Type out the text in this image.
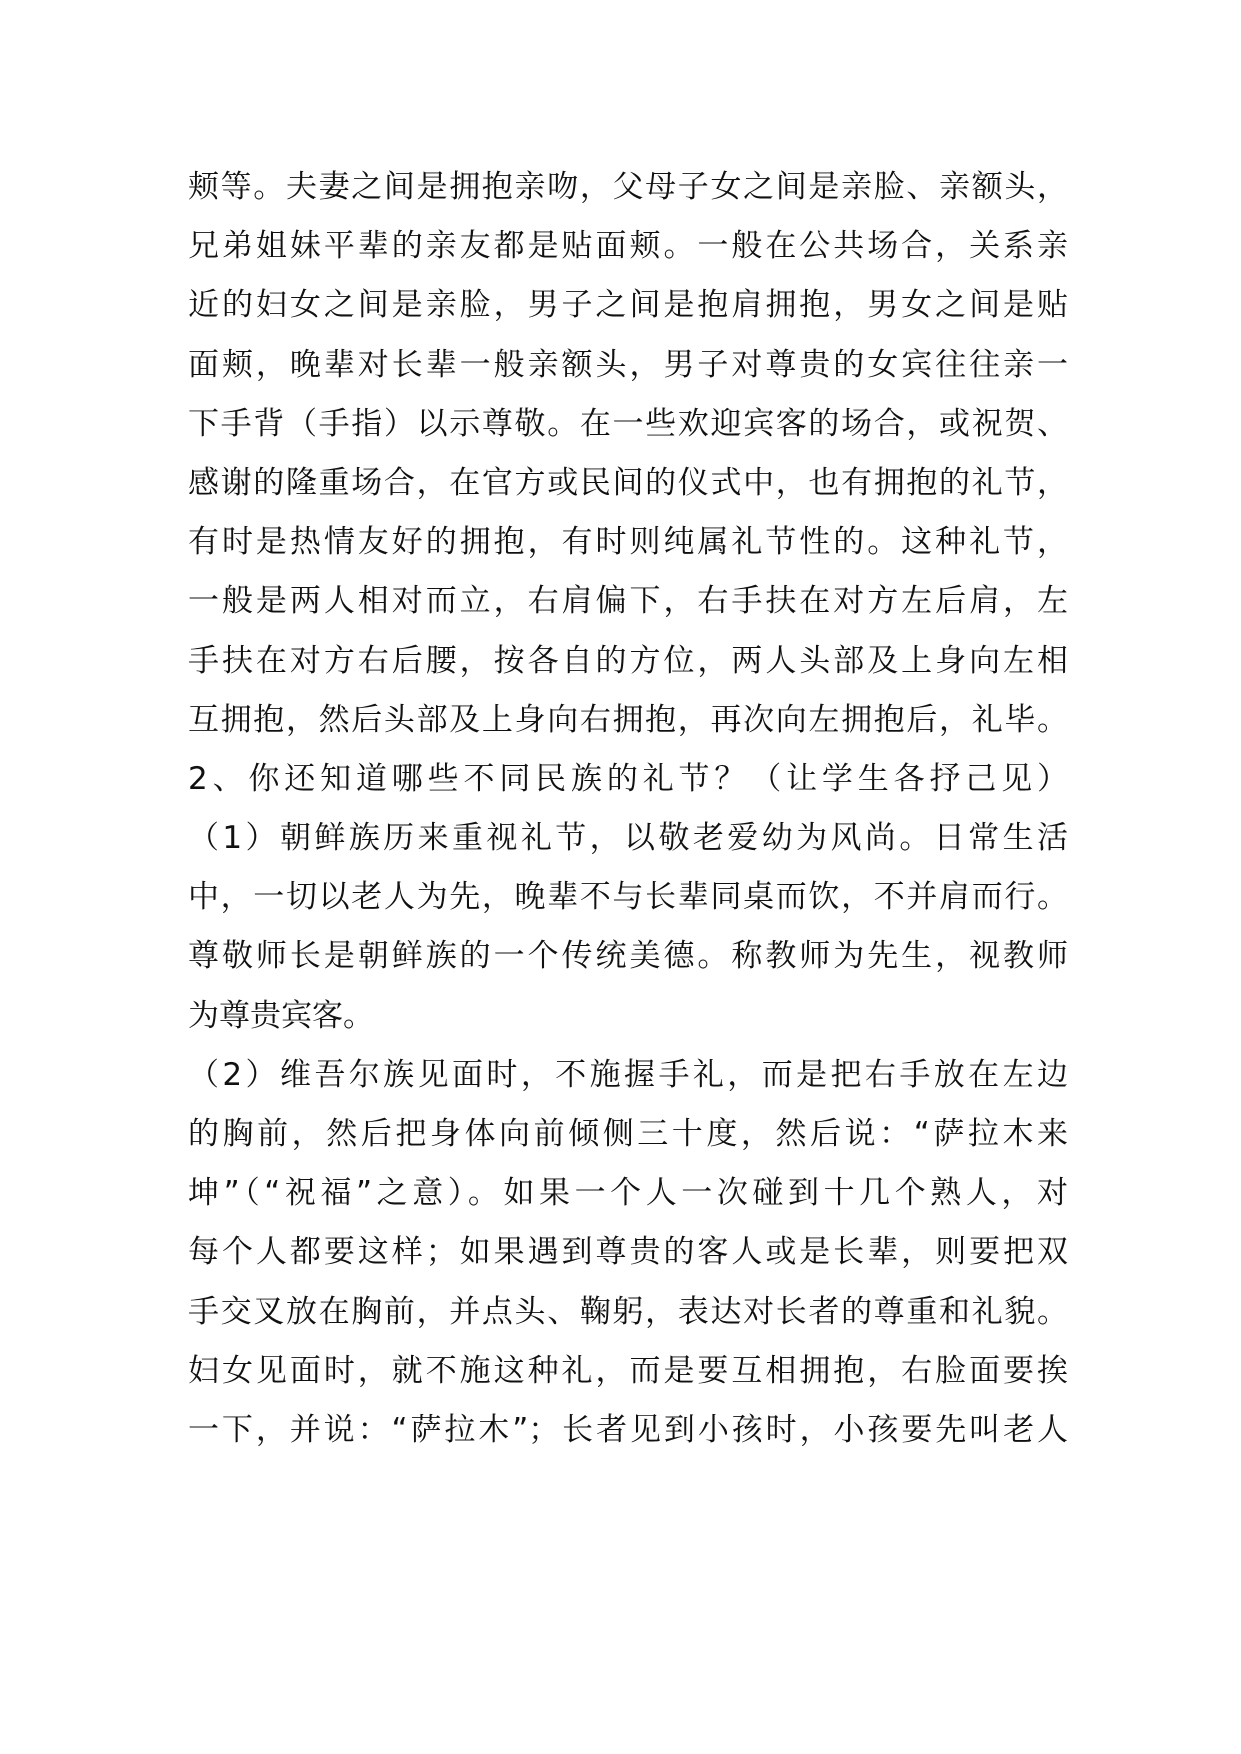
颊等。夫妻之间是拥抱亲吻，父母子女之间是亲脸、亲额头，
兄弟姐妹平辈的亲友都是贴面颊。一般在公共场合，关系亲
近的妇女之间是亲脸，男子之间是抱肩拥抱，男女之间是贴
面颊，晚辈对长辈一般亲额头，男子对尊贵的女宾往往亲一
下手背（手指）以示尊敬。在一些欢迎宾客的场合，或祝贺、
感谢的隆重场合，在官方或民间的仪式中，也有拥抱的礼节，
有时是热情友好的拥抱，有时则纯属礼节性的。这种礼节，
一般是两人相对而立，右肩偏下，右手扶在对方左后肩，左
手扶在对方右后腰，按各自的方位，两人头部及上身向左相
互拥抱，然后头部及上身向右拥抱，再次向左拥抱后，礼毕。
2、你还知道哪些不同民族的礼节？（让学生各抒己见）
（1）朝鲜族历来重视礼节，以敬老爱幼为风尚。日常生活
中，一切以老人为先，晚辈不与长辈同桌而饮，不并肩而行。
尊敬师长是朝鲜族的一个传统美德。称教师为先生，视教师
为尊贵宾客。
（2）维吾尔族见面时，不施握手礼，而是把右手放在左边
的胸前，然后把身体向前倾侧三十度，然后说：“萨拉木来
坤”（“祝福”之意）。如果一个人一次碰到十几个熟人，对
每个人都要这样；如果遇到尊贵的客人或是长辈，则要把双
手交叉放在胸前，并点头、鞠躬，表达对长者的尊重和礼貌。
妇女见面时，就不施这种礼，而是要互相拥抱，右脸面要挨
一下，并说：“萨拉木”；长者见到小孩时，小孩要先叫老人
